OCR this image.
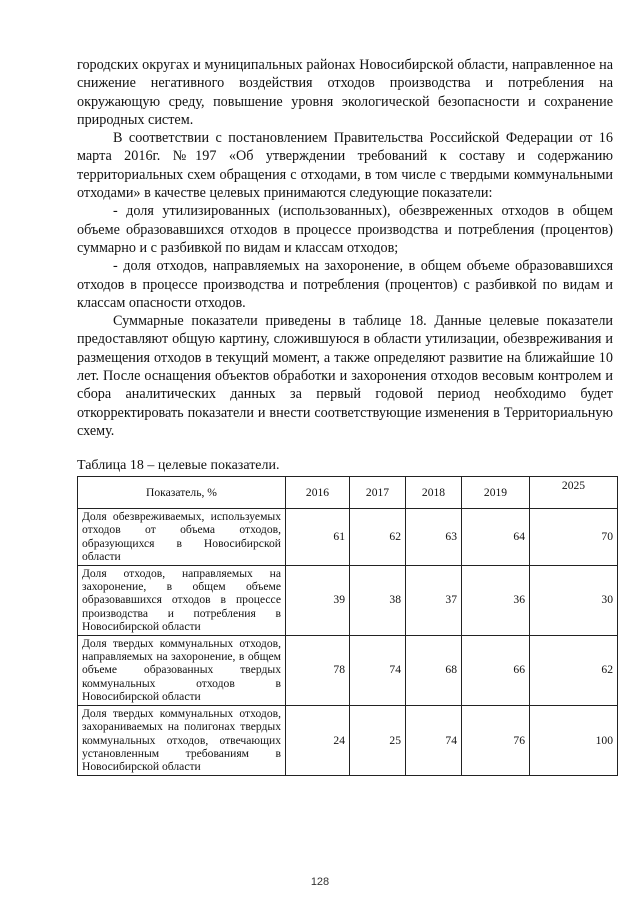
городских округах и муниципальных районах Новосибирской области, направленное на снижение негативного воздействия отходов производства и потребления на окружающую среду, повышение уровня экологической безопасности и сохранение природных систем.

В соответствии с постановлением Правительства Российской Федерации от 16 марта 2016г. №197 «Об утверждении требований к составу и содержанию территориальных схем обращения с отходами, в том числе с твердыми коммунальными отходами» в качестве целевых принимаются следующие показатели:

- доля утилизированных (использованных), обезвреженных отходов в общем объеме образовавшихся отходов в процессе производства и потребления (процентов) суммарно и с разбивкой по видам и классам отходов;

- доля отходов, направляемых на захоронение, в общем объеме образовавшихся отходов в процессе производства и потребления (процентов) с разбивкой по видам и классам опасности отходов.

Суммарные показатели приведены в таблице 18. Данные целевые показатели предоставляют общую картину, сложившуюся в области утилизации, обезвреживания и размещения отходов в текущий момент, а также определяют развитие на ближайшие 10 лет. После оснащения объектов обработки и захоронения отходов весовым контролем и сбора аналитических данных за первый годовой период необходимо будет откорректировать показатели и внести соответствующие изменения в Территориальную схему.

Таблица 18 – целевые показатели.
Показатель, %	2016	2017	2018	2019	2025
Доля обезвреживаемых, используемых отходов от объема отходов, образующихся в Новосибирской области	61	62	63	64	70
Доля отходов, направляемых на захоронение, в общем объеме образовавшихся отходов в процессе производства и потребления в Новосибирской области	39	38	37	36	30
Доля твердых коммунальных отходов, направляемых на захоронение, в общем объеме образованных твердых коммунальных отходов в Новосибирской области	78	74	68	66	62
Доля твердых коммунальных отходов, захораниваемых на полигонах твердых коммунальных отходов, отвечающих установленным требованиям в Новосибирской области	24	25	74	76	100
128
